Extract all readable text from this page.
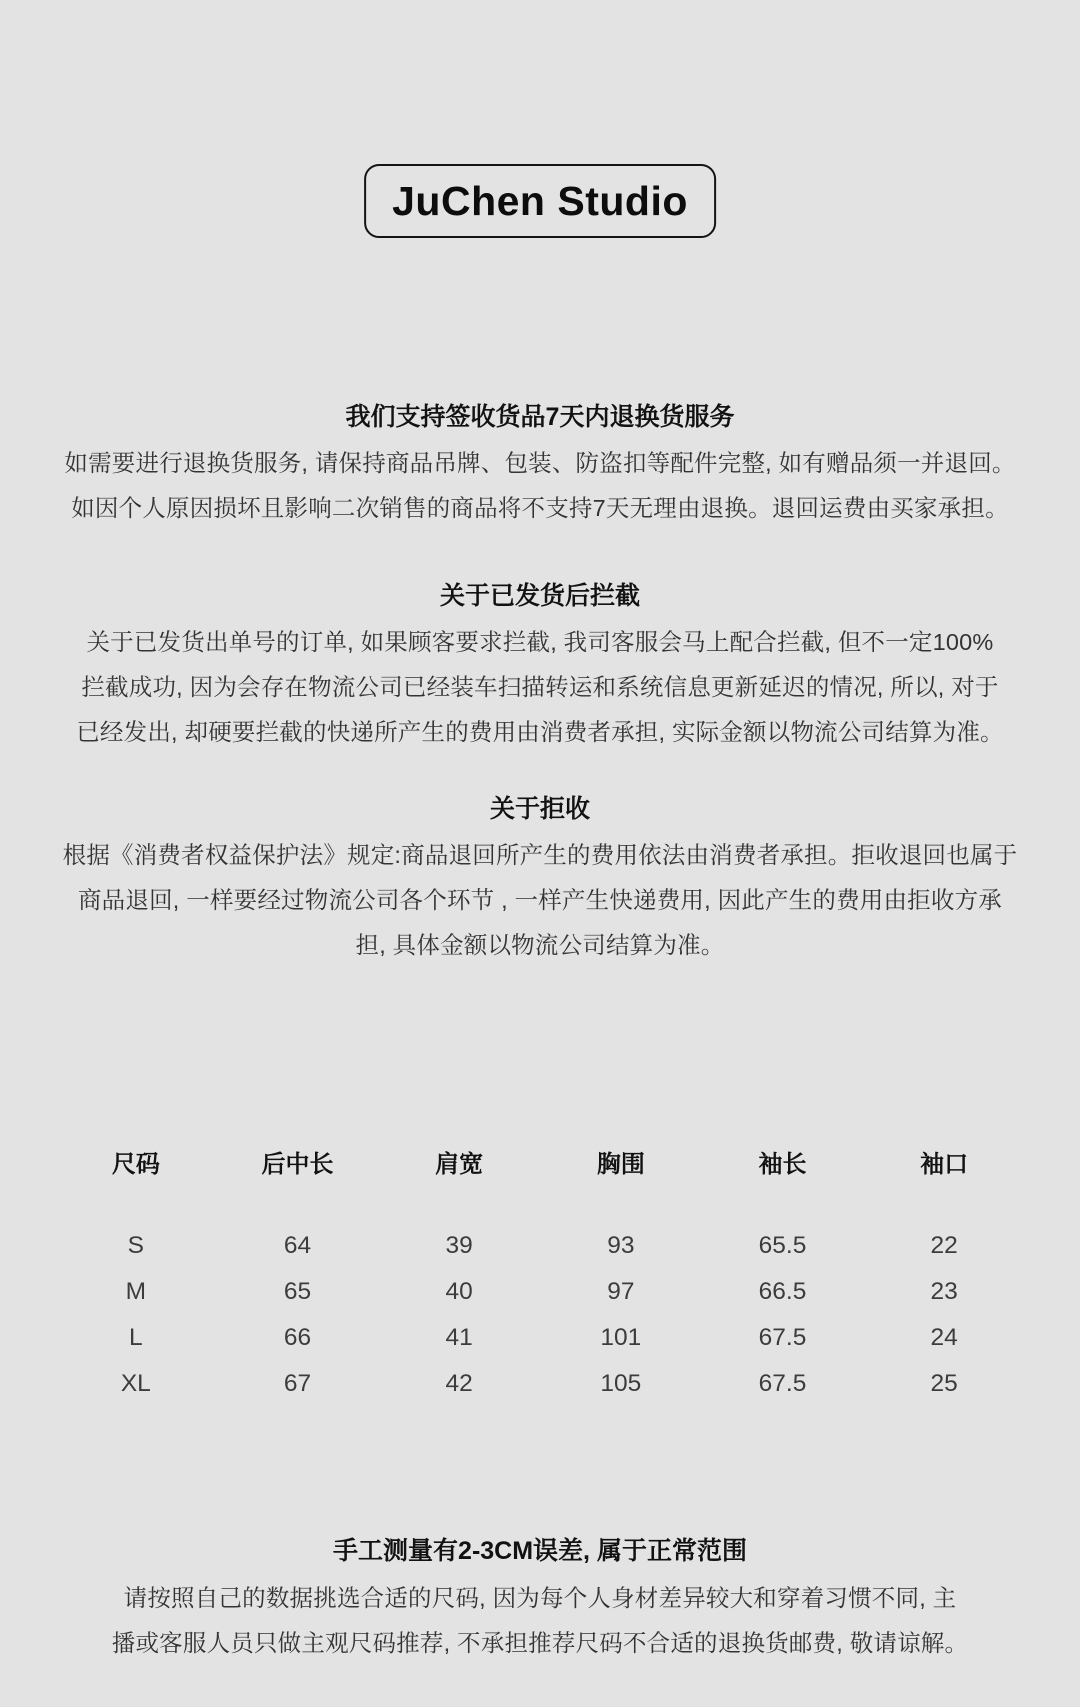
JuChen Studio
我们支持签收货品7天内退换货服务

如需要进行退换货服务, 请保持商品吊牌、包装、防盗扣等配件完整, 如有赠品须一并退回。

如因个人原因损坏且影响二次销售的商品将不支持7天无理由退换。退回运费由买家承担。

关于已发货后拦截

关于已发货出单号的订单, 如果顾客要求拦截, 我司客服会马上配合拦截, 但不一定100%

拦截成功, 因为会存在物流公司已经装车扫描转运和系统信息更新延迟的情况, 所以, 对于

已经发出, 却硬要拦截的快递所产生的费用由消费者承担, 实际金额以物流公司结算为准。

关于拒收

根据《消费者权益保护法》规定:商品退回所产生的费用依法由消费者承担。拒收退回也属于

商品退回, 一样要经过物流公司各个环节 , 一样产生快递费用, 因此产生的费用由拒收方承

担, 具体金额以物流公司结算为准。

尺码	后中长	肩宽	胸围	袖长	袖口
S	64	39	93	65.5	22
M	65	40	97	66.5	23
L	66	41	101	67.5	24
XL	67	42	105	67.5	25
手工测量有2-3CM误差, 属于正常范围

请按照自己的数据挑选合适的尺码, 因为每个人身材差异较大和穿着习惯不同, 主

播或客服人员只做主观尺码推荐, 不承担推荐尺码不合适的退换货邮费, 敬请谅解。
